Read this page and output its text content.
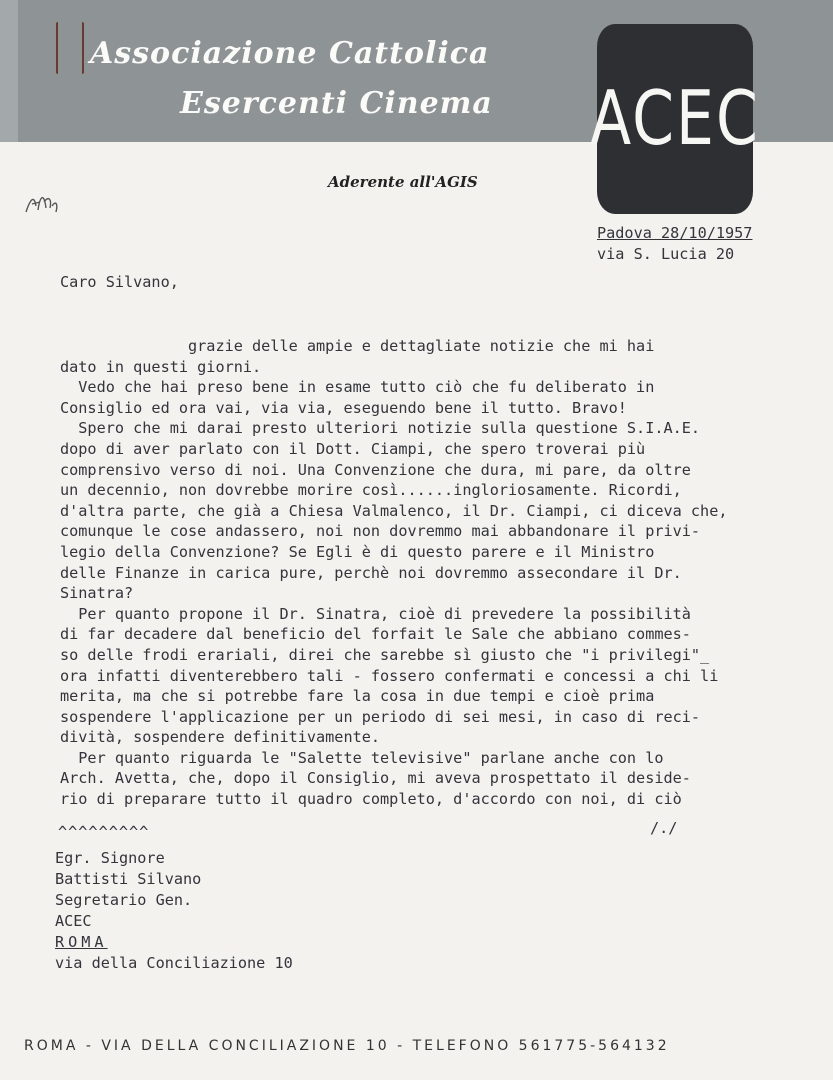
Associazione Cattolica
Esercenti Cinema ACEC
Aderente all'AGIS
Padova 28/10/1957
via S. Lucia 20
Caro Silvano,
grazie delle ampie e dettagliate notizie che mi hai
dato in questi giorni.
Vedo che hai preso bene in esame tutto ciò che fu deliberato in
Consiglio ed ora vai, via via, eseguendo bene il tutto. Bravo!
Spero che mi darai presto ulteriori notizie sulla questione S.I.A.E.
dopo di aver parlato con il Dott. Ciampi, che spero troverai più
comprensivo verso di noi. Una Convenzione che dura, mi pare, da oltre
un decennio, non dovrebbe morire così......ingloriosamente. Ricordi,
d'altra parte, che già a Chiesa Valmalenco, il Dr. Ciampi, ci diceva che,
comunque le cose andassero, noi non dovremmo mai abbandonare il privi-
legio della Convenzione? Se Egli è di questo parere e il Ministro
delle Finanze in carica pure, perchè noi dovremmo assecondare il Dr.
Sinatra?
Per quanto propone il Dr. Sinatra, cioè di prevedere la possibilità
di far decadere dal beneficio del forfait le Sale che abbiano commes-
so delle frodi erariali, direi che sarebbe sì giusto che "i privilegi"_
ora infatti diventerebbero tali - fossero confermati e concessi a chi li
merita, ma che si potrebbe fare la cosa in due tempi e cioè prima
sospendere l'applicazione per un periodo di sei mesi, in caso di reci-
dività, sospendere definitivamente.
Per quanto riguarda le "Salette televisive" parlane anche con lo
Arch. Avetta, che, dopo il Consiglio, mi aveva prospettato il deside-
rio di preparare tutto il quadro completo, d'accordo con noi, di ciò
^^^^^^^^^	/./
Egr. Signore
Battisti Silvano
Segretario Gen.
ACEC
ROMA
via della Conciliazione 10
ROMA - VIA DELLA CONCILIAZIONE 10 - TELEFONO 561775-564132
